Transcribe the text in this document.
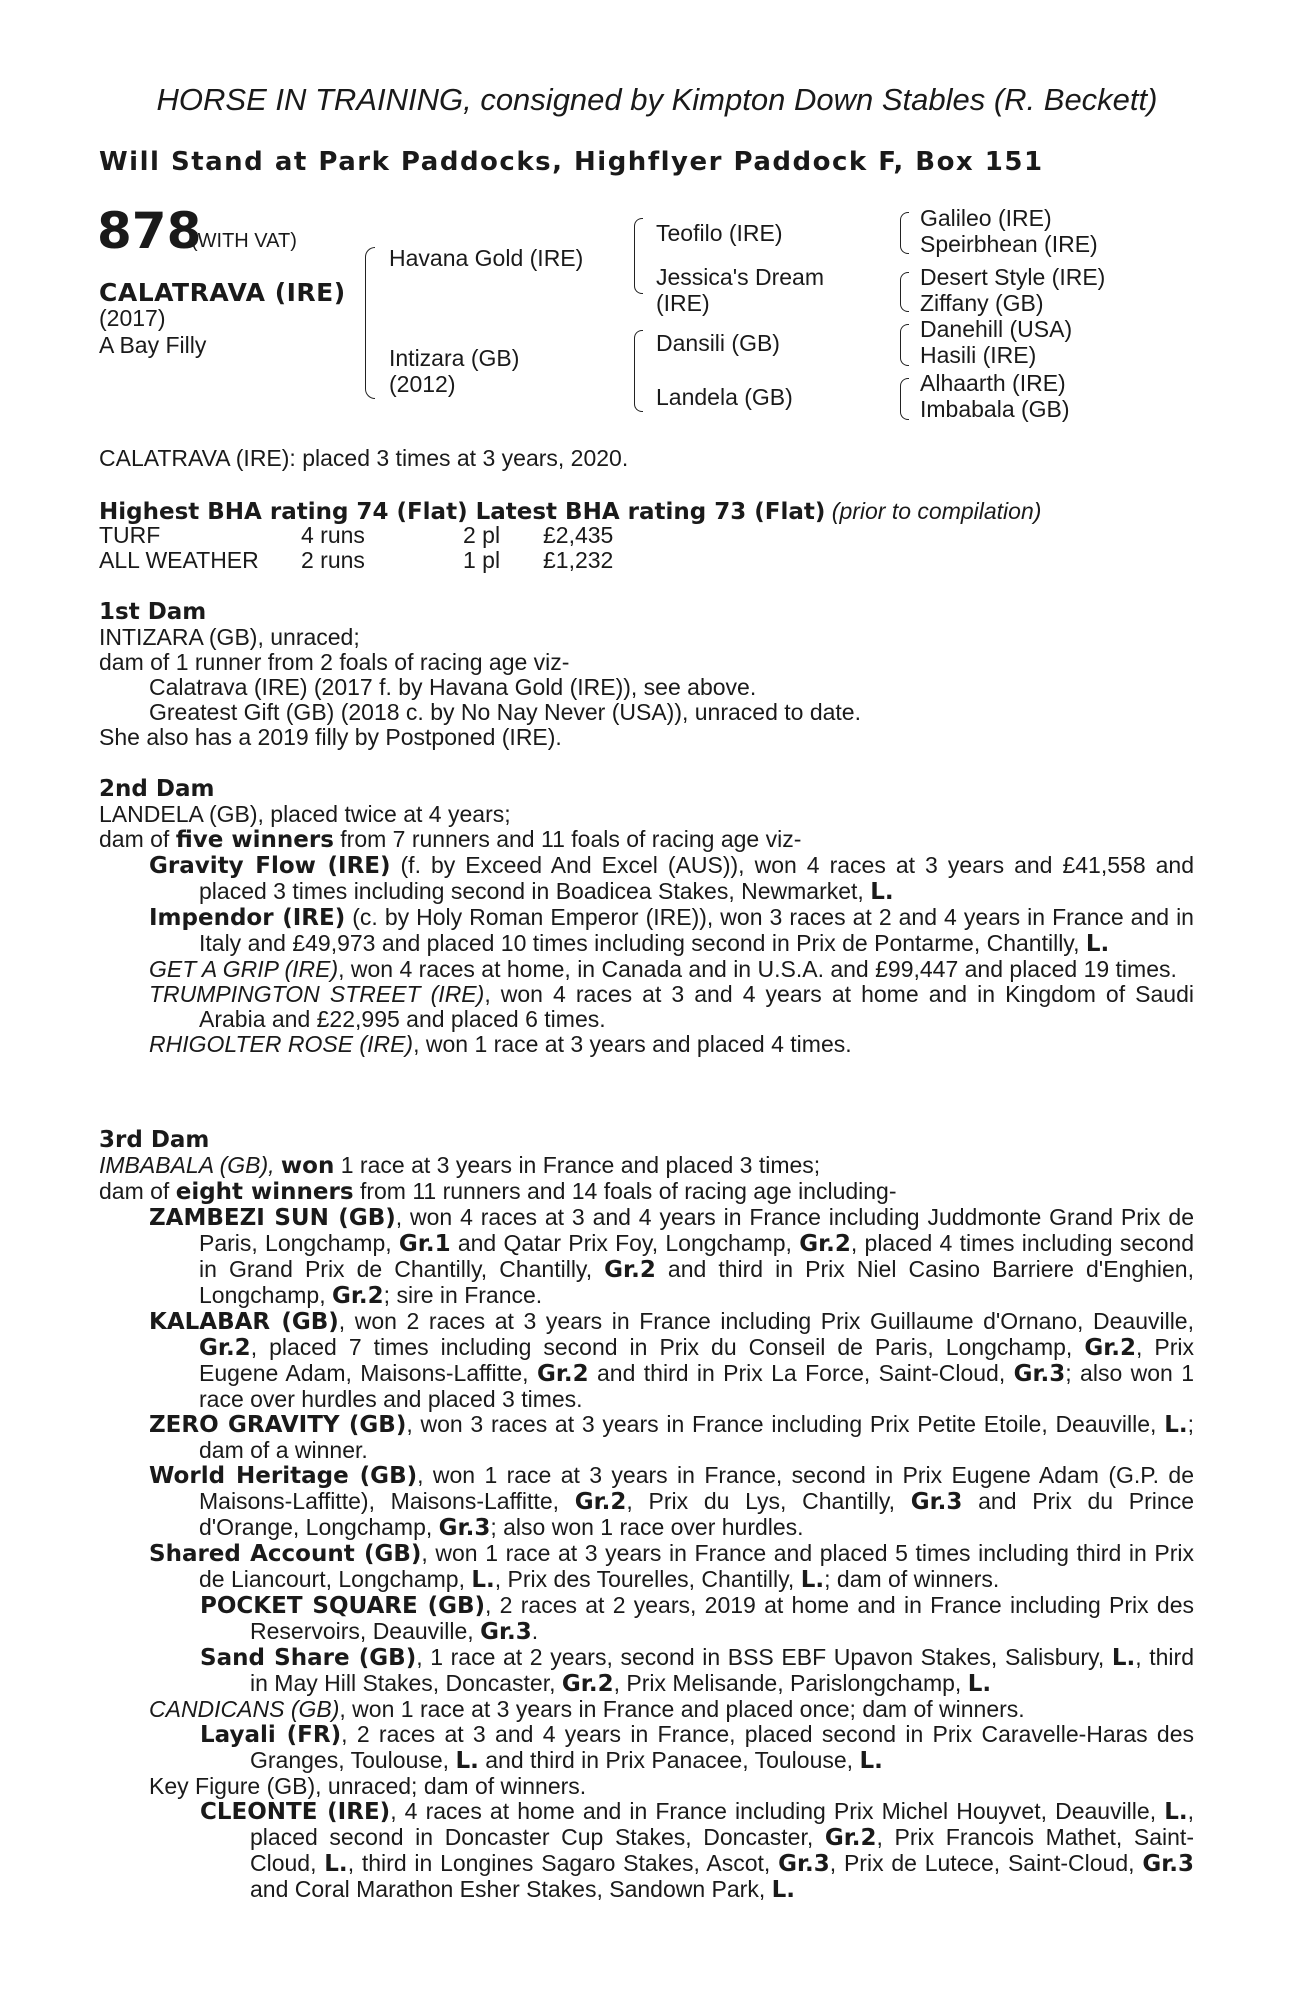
HORSE IN TRAINING, consigned by Kimpton Down Stables (R. Beckett)
Will Stand at Park Paddocks, Highflyer Paddock F, Box 151
878
(WITH VAT)
CALATRAVA (IRE)
(2017)
A Bay Filly
Havana Gold (IRE)
Intizara (GB)
(2012)
Teofilo (IRE)
Jessica's Dream
(IRE)
Dansili (GB)
Landela (GB)
Galileo (IRE)
Speirbhean (IRE)
Desert Style (IRE)
Ziffany (GB)
Danehill (USA)
Hasili (IRE)
Alhaarth (IRE)
Imbabala (GB)
CALATRAVA (IRE): placed 3 times at 3 years, 2020.
Highest BHA rating 74 (Flat) Latest BHA rating 73 (Flat) (prior to compilation)
TURF	4 runs	2 pl	£2,435
ALL WEATHER	2 runs	1 pl	£1,232

1st Dam

INTIZARA (GB), unraced;

dam of 1 runner from 2 foals of racing age viz-

Calatrava (IRE) (2017 f. by Havana Gold (IRE)), see above.

Greatest Gift (GB) (2018 c. by No Nay Never (USA)), unraced to date.

She also has a 2019 filly by Postponed (IRE).

2nd Dam

LANDELA (GB), placed twice at 4 years;

dam of five winners from 7 runners and 11 foals of racing age viz-

Gravity Flow (IRE) (f. by Exceed And Excel (AUS)), won 4 races at 3 years and £41,558 and placed 3 times including second in Boadicea Stakes, Newmarket, L.

Impendor (IRE) (c. by Holy Roman Emperor (IRE)), won 3 races at 2 and 4 years in France and in Italy and £49,973 and placed 10 times including second in Prix de Pontarme, Chantilly, L.

GET A GRIP (IRE), won 4 races at home, in Canada and in U.S.A. and £99,447 and placed 19 times.

TRUMPINGTON STREET (IRE), won 4 races at 3 and 4 years at home and in Kingdom of Saudi Arabia and £22,995 and placed 6 times.

RHIGOLTER ROSE (IRE), won 1 race at 3 years and placed 4 times.

3rd Dam

IMBABALA (GB), won 1 race at 3 years in France and placed 3 times;

dam of eight winners from 11 runners and 14 foals of racing age including-

ZAMBEZI SUN (GB), won 4 races at 3 and 4 years in France including Juddmonte Grand Prix de Paris, Longchamp, Gr.1 and Qatar Prix Foy, Longchamp, Gr.2, placed 4 times including second in Grand Prix de Chantilly, Chantilly, Gr.2 and third in Prix Niel Casino Barriere d'Enghien, Longchamp, Gr.2; sire in France.

KALABAR (GB), won 2 races at 3 years in France including Prix Guillaume d'Ornano, Deauville, Gr.2, placed 7 times including second in Prix du Conseil de Paris, Longchamp, Gr.2, Prix Eugene Adam, Maisons-Laffitte, Gr.2 and third in Prix La Force, Saint-Cloud, Gr.3; also won 1 race over hurdles and placed 3 times.

ZERO GRAVITY (GB), won 3 races at 3 years in France including Prix Petite Etoile, Deauville, L.; dam of a winner.

World Heritage (GB), won 1 race at 3 years in France, second in Prix Eugene Adam (G.P. de Maisons-Laffitte), Maisons-Laffitte, Gr.2, Prix du Lys, Chantilly, Gr.3 and Prix du Prince d'Orange, Longchamp, Gr.3; also won 1 race over hurdles.

Shared Account (GB), won 1 race at 3 years in France and placed 5 times including third in Prix de Liancourt, Longchamp, L., Prix des Tourelles, Chantilly, L.; dam of winners.

POCKET SQUARE (GB), 2 races at 2 years, 2019 at home and in France including Prix des Reservoirs, Deauville, Gr.3.

Sand Share (GB), 1 race at 2 years, second in BSS EBF Upavon Stakes, Salisbury, L., third in May Hill Stakes, Doncaster, Gr.2, Prix Melisande, Parislongchamp, L.

CANDICANS (GB), won 1 race at 3 years in France and placed once; dam of winners.

Layali (FR), 2 races at 3 and 4 years in France, placed second in Prix Caravelle-Haras des Granges, Toulouse, L. and third in Prix Panacee, Toulouse, L.

Key Figure (GB), unraced; dam of winners.

CLEONTE (IRE), 4 races at home and in France including Prix Michel Houyvet, Deauville, L., placed second in Doncaster Cup Stakes, Doncaster, Gr.2, Prix Francois Mathet, Saint-Cloud, L., third in Longines Sagaro Stakes, Ascot, Gr.3, Prix de Lutece, Saint-Cloud, Gr.3 and Coral Marathon Esher Stakes, Sandown Park, L.
